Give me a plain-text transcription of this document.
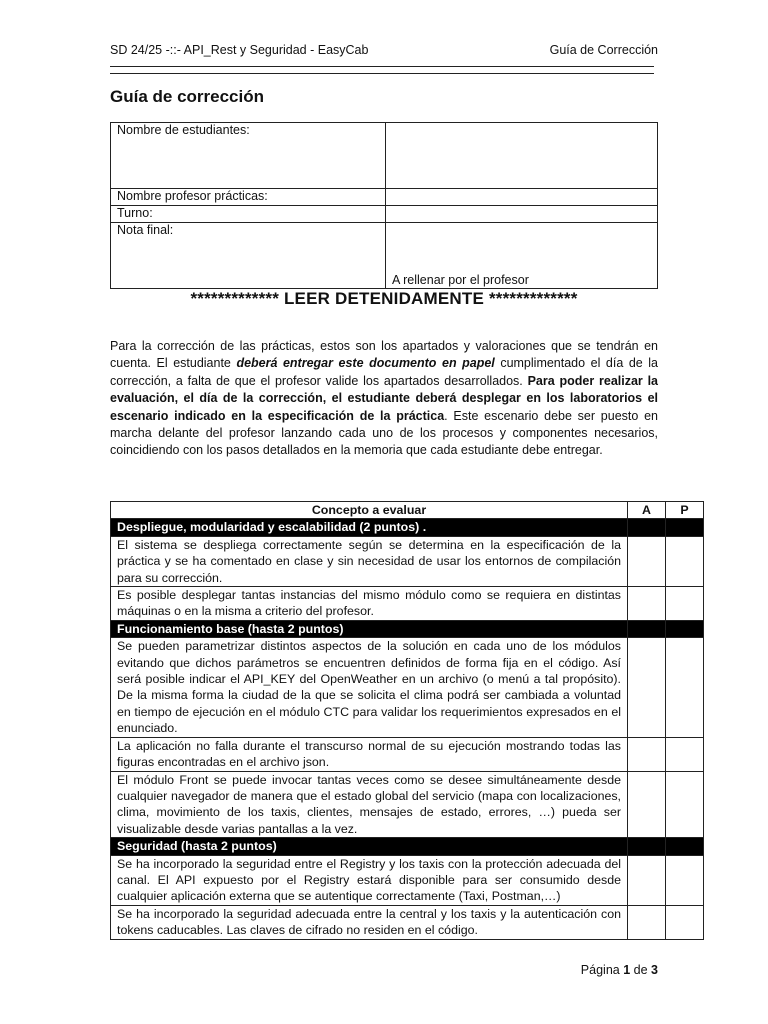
SD 24/25 -::- API_Rest y Seguridad - EasyCab	Guía de Corrección
Guía de corrección
Nombre de estudiantes:	
Nombre profesor prácticas:	
Turno:	
Nota final:	A rellenar por el profesor
************* LEER DETENIDAMENTE *************
Para la corrección de las prácticas, estos son los apartados y valoraciones que se tendrán en cuenta. El estudiante deberá entregar este documento en papel cumplimentado el día de la corrección, a falta de que el profesor valide los apartados desarrollados. Para poder realizar la evaluación, el día de la corrección, el estudiante deberá desplegar en los laboratorios el escenario indicado en la especificación de la práctica. Este escenario debe ser puesto en marcha delante del profesor lanzando cada uno de los procesos y componentes necesarios, coincidiendo con los pasos detallados en la memoria que cada estudiante debe entregar.
Concepto a evaluar	A	P
Despliegue, modularidad y escalabilidad (2 puntos) .		
El sistema se despliega correctamente según se determina en la especificación de la práctica y se ha comentado en clase y sin necesidad de usar los entornos de compilación para su corrección.		
Es posible desplegar tantas instancias del mismo módulo como se requiera en distintas máquinas o en la misma a criterio del profesor.		
Funcionamiento base (hasta 2 puntos)		
Se pueden parametrizar distintos aspectos de la solución en cada uno de los módulos evitando que dichos parámetros se encuentren definidos de forma fija en el código. Así será posible indicar el API_KEY del OpenWeather en un archivo (o menú a tal propósito). De la misma forma la ciudad de la que se solicita el clima podrá ser cambiada a voluntad en tiempo de ejecución en el módulo CTC para validar los requerimientos expresados en el enunciado.		
La aplicación no falla durante el transcurso normal de su ejecución mostrando todas las figuras encontradas en el archivo json.		
El módulo Front se puede invocar tantas veces como se desee simultáneamente desde cualquier navegador de manera que el estado global del servicio (mapa con localizaciones, clima, movimiento de los taxis, clientes, mensajes de estado, errores, …) pueda ser visualizable desde varias pantallas a la vez.		
Seguridad (hasta 2 puntos)		
Se ha incorporado la seguridad entre el Registry y los taxis con la protección adecuada del canal. El API expuesto por el Registry estará disponible para ser consumido desde cualquier aplicación externa que se autentique correctamente (Taxi, Postman,…)		
Se ha incorporado la seguridad adecuada entre la central y los taxis y la autenticación con tokens caducables. Las claves de cifrado no residen en el código.		
Página 1 de 3
